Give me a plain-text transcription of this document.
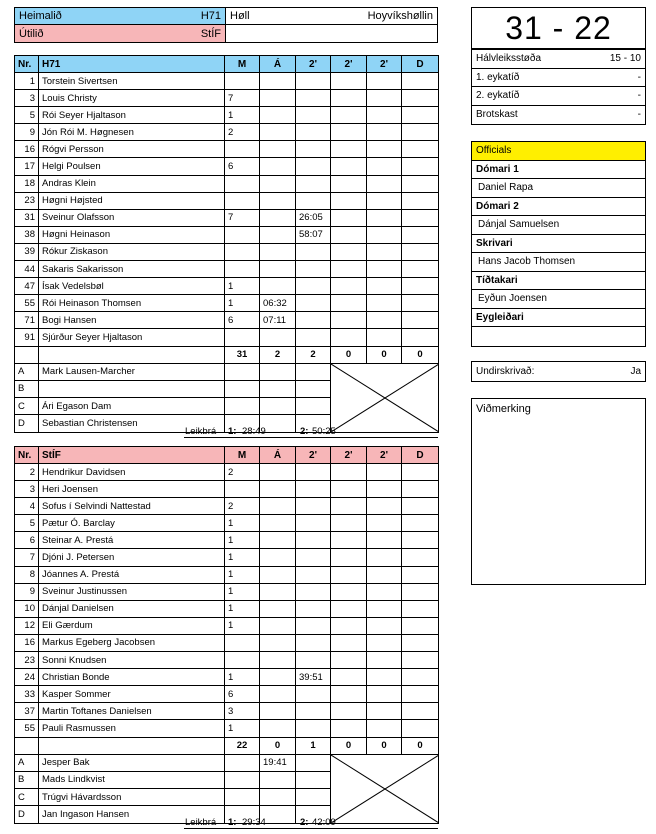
Heimalið	H71 Høll	Hoyvíkshøllin
Útilið	StÍF
Nr.	H71	M	Á	2'	2'	2'	D
1	Torstein Sivertsen						
3	Louis Christy	7					
5	Rói Seyer Hjaltason	1					
9	Jón Rói M. Høgnesen	2					
16	Rógvi Persson						
17	Helgi Poulsen	6					
18	Andras Klein						
23	Høgni Højsted						
31	Sveinur Olafsson	7		26:05			
38	Høgni Heinason			58:07			
39	Rókur Ziskason						
44	Sakaris Sakarisson						
47	Ísak Vedelsbøl	1					
55	Rói Heinason Thomsen	1	06:32				
71	Bogi Hansen	6	07:11				
91	Sjúrður Seyer Hjaltason						
		31	2	2	0	0	0
A	Mark Lausen-Marcher				

B							
C	Ári Egason Dam						
D	Sebastian Christensen						
Leikbrá 1: 28:49	2: 50:25
Nr.	StÍF	M	Á	2'	2'	2'	D
2	Hendrikur Davidsen	2					
3	Heri Joensen						
4	Sofus í Selvindi Nattestad	2					
5	Pætur Ó. Barclay	1					
6	Steinar A. Prestá	1					
7	Djóni J. Petersen	1					
8	Jóannes A. Prestá	1					
9	Sveinur Justinussen	1					
10	Dánjal Danielsen	1					
12	Eli Gærdum	1					
16	Markus Egeberg Jacobsen						
23	Sonni Knudsen						
24	Christian Bonde	1		39:51			
33	Kasper Sommer	6					
37	Martin Toftanes Danielsen	3					
55	Pauli Rasmussen	1					
		22	0	1	0	0	0
A	Jesper Bak		19:41		

B	Mads Lindkvist						
C	Trúgvi Hávardsson						
D	Jan Ingason Hansen						
Leikbrá 1: 29:34	2: 42:09
31 - 22
Hálvleiksstøða	15 - 10
1. eykatíð	-
2. eykatíð	-
Brotskast	-
Officials
Dómari 1
Daniel Rapa
Dómari 2
Dánjal Samuelsen
Skrivari
Hans Jacob Thomsen
Tíðtakari
Eyðun Joensen
Eygleiðari
Undirskrivað:	Ja
Viðmerking
